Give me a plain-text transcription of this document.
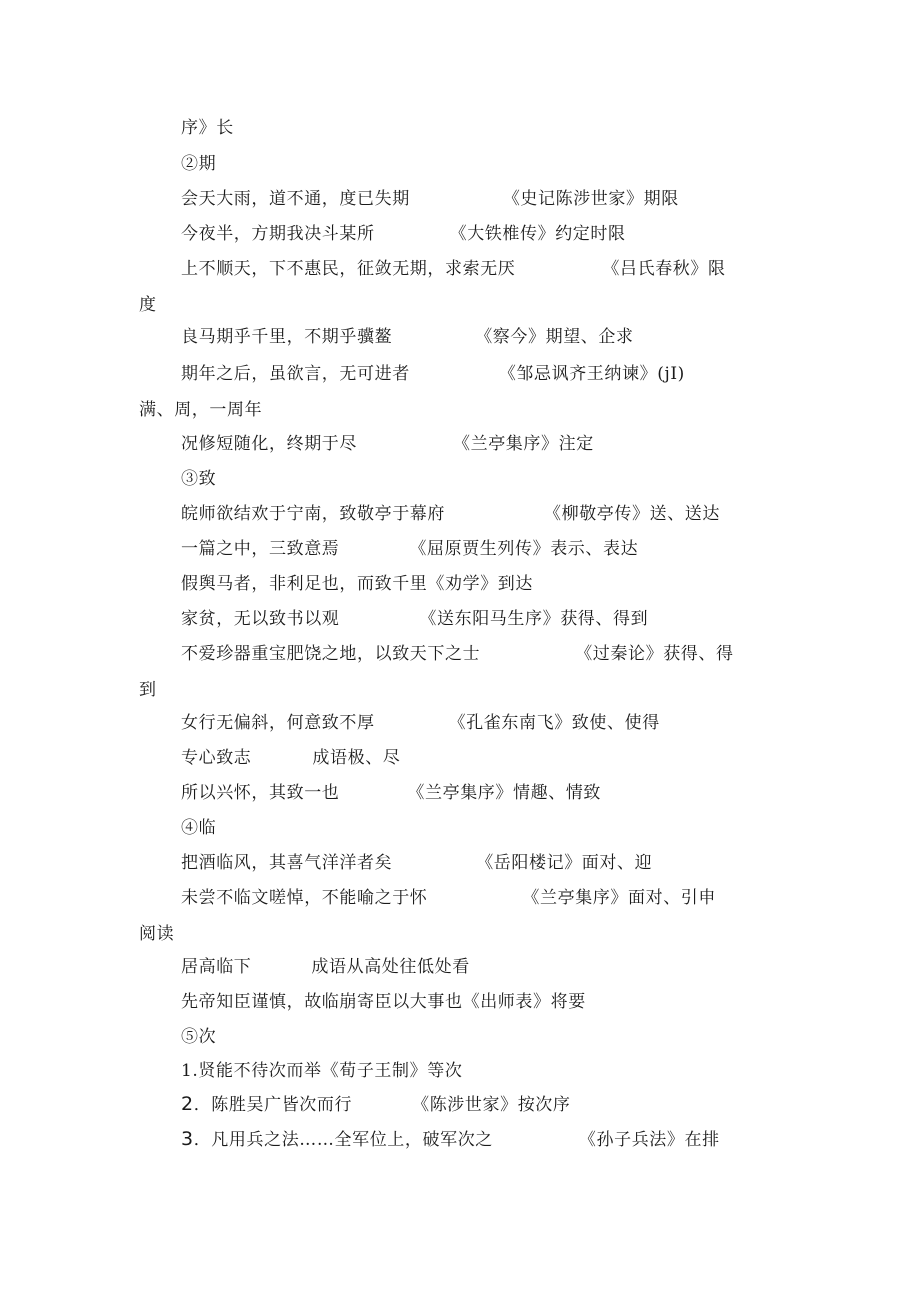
序》长
②期
会天大雨，道不通，度已失期	《史记陈涉世家》期限
今夜半，方期我决斗某所	《大铁椎传》约定时限
上不顺天，下不惠民，征敛无期，求索无厌	《吕氏春秋》限
度
良马期乎千里，不期乎骥鳌	《察今》期望、企求
期年之后，虽欲言，无可进者	《邹忌讽齐王纳谏》(jI)
满、周，一周年
况修短随化，终期于尽	《兰亭集序》注定
③致
皖师欲结欢于宁南，致敬亭于幕府	《柳敬亭传》送、送达
一篇之中，三致意焉	《屈原贾生列传》表示、表达
假舆马者，非利足也，而致千里《劝学》到达
家贫，无以致书以观	《送东阳马生序》获得、得到
不爱珍器重宝肥饶之地，以致天下之士	《过秦论》获得、得
到
女行无偏斜，何意致不厚	《孔雀东南飞》致使、使得
专心致志	成语极、尽
所以兴怀，其致一也	《兰亭集序》情趣、情致
④临
把酒临风，其喜气洋洋者矣	《岳阳楼记》面对、迎
未尝不临文嗟悼，不能喻之于怀	《兰亭集序》面对、引申
阅读
居高临下	成语从高处往低处看
先帝知臣谨慎，故临崩寄臣以大事也《出师表》将要
⑤次
1.贤能不待次而举《荀子王制》等次
2．陈胜吴广皆次而行	《陈涉世家》按次序
3．凡用兵之法……全军位上，破军次之	《孙子兵法》在排
